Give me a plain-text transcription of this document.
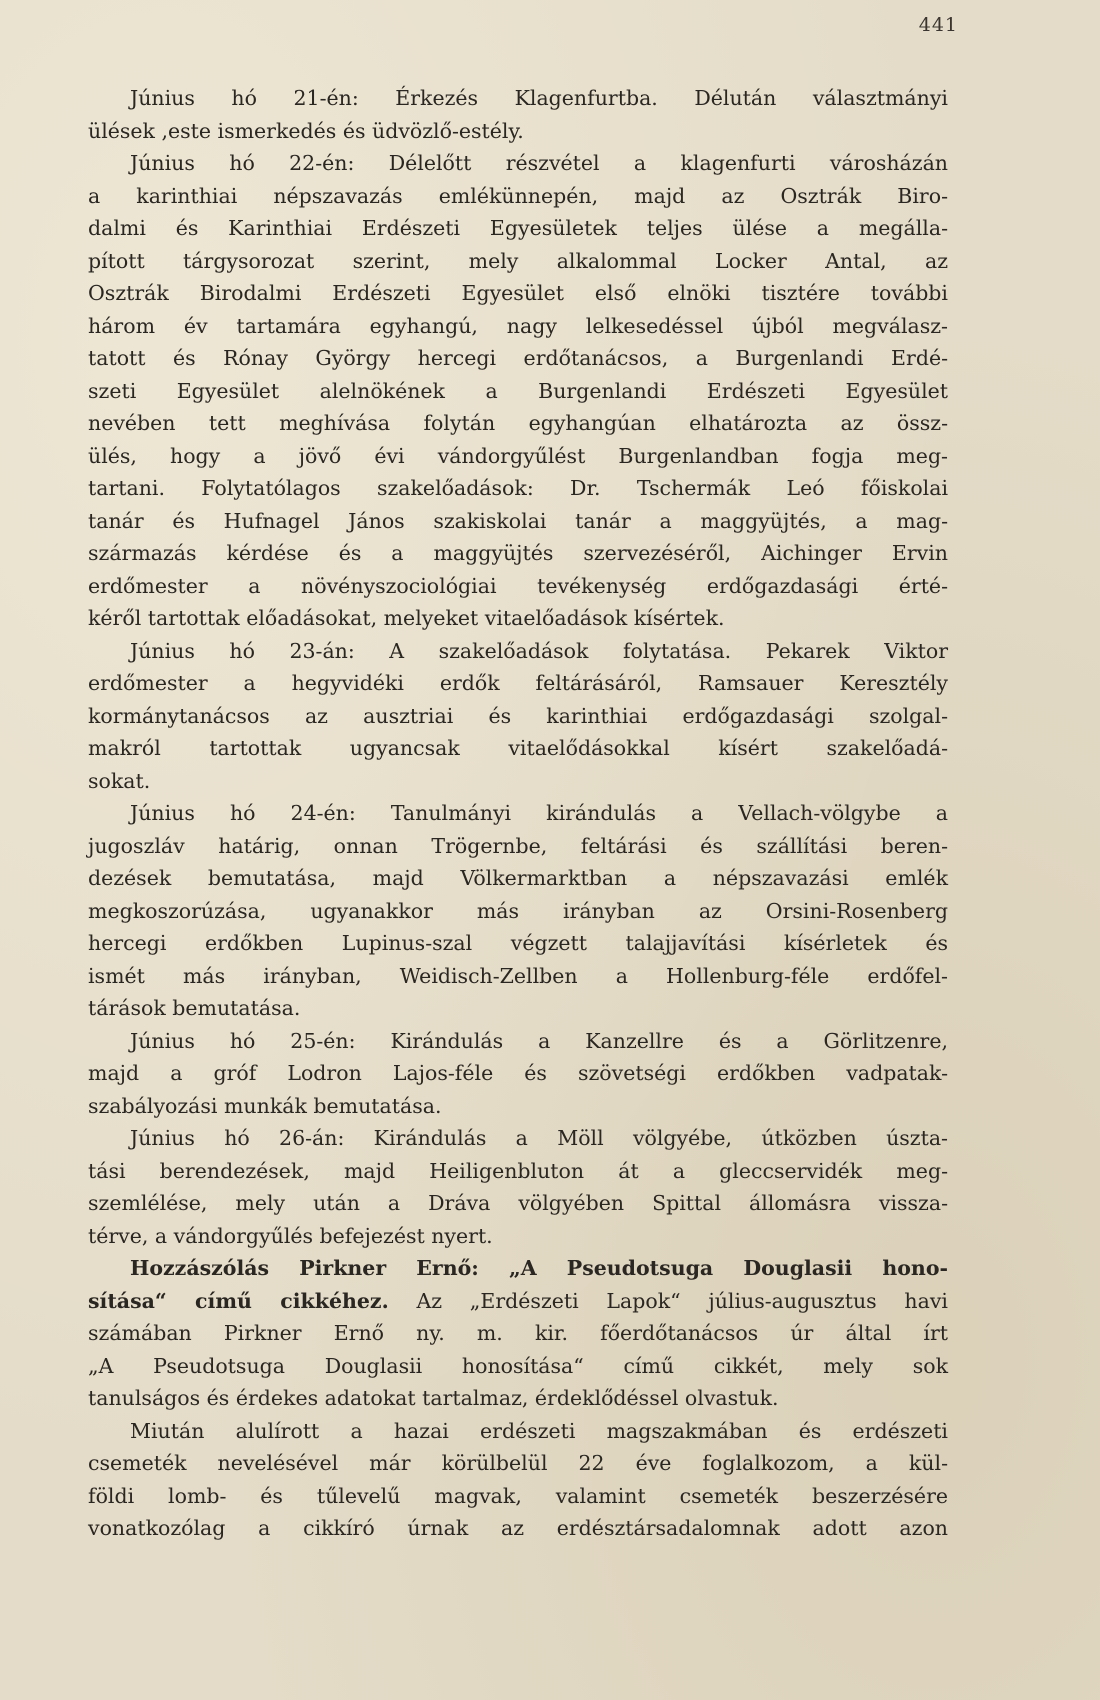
441
Június hó 21-én: Érkezés Klagenfurtba. Délután választmányi
ülések ,este ismerkedés és üdvözlő-estély.
Június hó 22-én: Délelőtt részvétel a klagenfurti városházán
a karinthiai népszavazás emlékünnepén, majd az Osztrák Biro-
dalmi és Karinthiai Erdészeti Egyesületek teljes ülése a megálla-
pított tárgysorozat szerint, mely alkalommal Locker Antal, az
Osztrák Birodalmi Erdészeti Egyesület első elnöki tisztére további
három év tartamára egyhangú, nagy lelkesedéssel újból megválasz-
tatott és Rónay György hercegi erdőtanácsos, a Burgenlandi Erdé-
szeti Egyesület alelnökének a Burgenlandi Erdészeti Egyesület
nevében tett meghívása folytán egyhangúan elhatározta az össz-
ülés, hogy a jövő évi vándorgyűlést Burgenlandban fogja meg-
tartani. Folytatólagos szakelőadások: Dr. Tschermák Leó főiskolai
tanár és Hufnagel János szakiskolai tanár a maggyüjtés, a mag-
származás kérdése és a maggyüjtés szervezéséről, Aichinger Ervin
erdőmester a növényszociológiai tevékenység erdőgazdasági érté-
kéről tartottak előadásokat, melyeket vitaelőadások kísértek.
Június hó 23-án: A szakelőadások folytatása. Pekarek Viktor
erdőmester a hegyvidéki erdők feltárásáról, Ramsauer Keresztély
kormánytanácsos az ausztriai és karinthiai erdőgazdasági szolgal-
makról tartottak ugyancsak vitaelődásokkal kísért szakelőadá-
sokat.
Június hó 24-én: Tanulmányi kirándulás a Vellach-völgybe a
jugoszláv határig, onnan Trögernbe, feltárási és szállítási beren-
dezések bemutatása, majd Völkermarktban a népszavazási emlék
megkoszorúzása, ugyanakkor más irányban az Orsini-Rosenberg
hercegi erdőkben Lupinus-szal végzett talajjavítási kísérletek és
ismét más irányban, Weidisch-Zellben a Hollenburg-féle erdőfel-
tárások bemutatása.
Június hó 25-én: Kirándulás a Kanzellre és a Görlitzenre,
majd a gróf Lodron Lajos-féle és szövetségi erdőkben vadpatak-
szabályozási munkák bemutatása.
Június hó 26-án: Kirándulás a Möll völgyébe, útközben úszta-
tási berendezések, majd Heiligenbluton át a gleccservidék meg-
szemlélése, mely után a Dráva völgyében Spittal állomásra vissza-
térve, a vándorgyűlés befejezést nyert.
Hozzászólás Pirkner Ernő: „A Pseudotsuga Douglasii hono-
sítása“ című cikkéhez. Az „Erdészeti Lapok“ július-augusztus havi
számában Pirkner Ernő ny. m. kir. főerdőtanácsos úr által írt
„A Pseudotsuga Douglasii honosítása“ című cikkét, mely sok
tanulságos és érdekes adatokat tartalmaz, érdeklődéssel olvastuk.
Miután alulírott a hazai erdészeti magszakmában és erdészeti
csemeték nevelésével már körülbelül 22 éve foglalkozom, a kül-
földi lomb- és tűlevelű magvak, valamint csemeték beszerzésére
vonatkozólag a cikkíró úrnak az erdésztársadalomnak adott azon
